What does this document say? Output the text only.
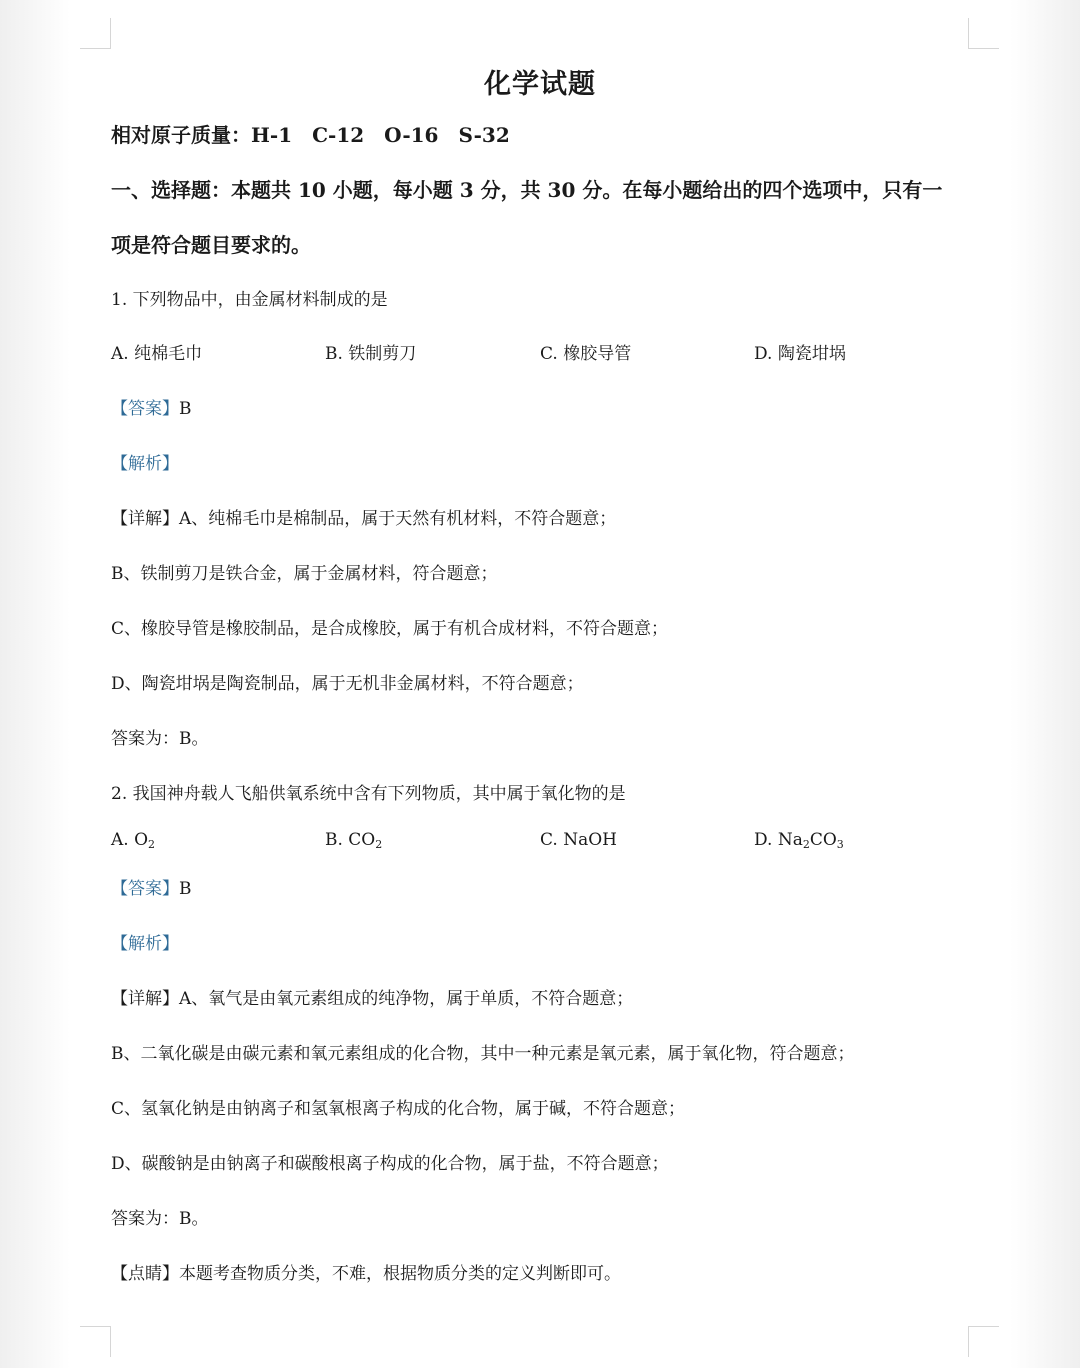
化学试题
相对原子质量：H-1　C-12　O-16　S-32
一、选择题：本题共 10 小题，每小题 3 分，共 30 分。在每小题给出的四个选项中，只有一
项是符合题目要求的。
1. 下列物品中，由金属材料制成的是
A. 纯棉毛巾	B. 铁制剪刀	C. 橡胶导管	D. 陶瓷坩埚
【答案】B
【解析】
【详解】A、纯棉毛巾是棉制品，属于天然有机材料，不符合题意；
B、铁制剪刀是铁合金，属于金属材料，符合题意；
C、橡胶导管是橡胶制品，是合成橡胶，属于有机合成材料，不符合题意；
D、陶瓷坩埚是陶瓷制品，属于无机非金属材料，不符合题意；
答案为：B。
2. 我国神舟载人飞船供氧系统中含有下列物质，其中属于氧化物的是
A. $O_2$	B. $CO_2$	C. NaOH	D. $Na_2CO_3$
【答案】B
【解析】
【详解】A、氧气是由氧元素组成的纯净物，属于单质，不符合题意；
B、二氧化碳是由碳元素和氧元素组成的化合物，其中一种元素是氧元素，属于氧化物，符合题意；
C、氢氧化钠是由钠离子和氢氧根离子构成的化合物，属于碱，不符合题意；
D、碳酸钠是由钠离子和碳酸根离子构成的化合物，属于盐，不符合题意；
答案为：B。
【点睛】本题考查物质分类，不难，根据物质分类的定义判断即可。
